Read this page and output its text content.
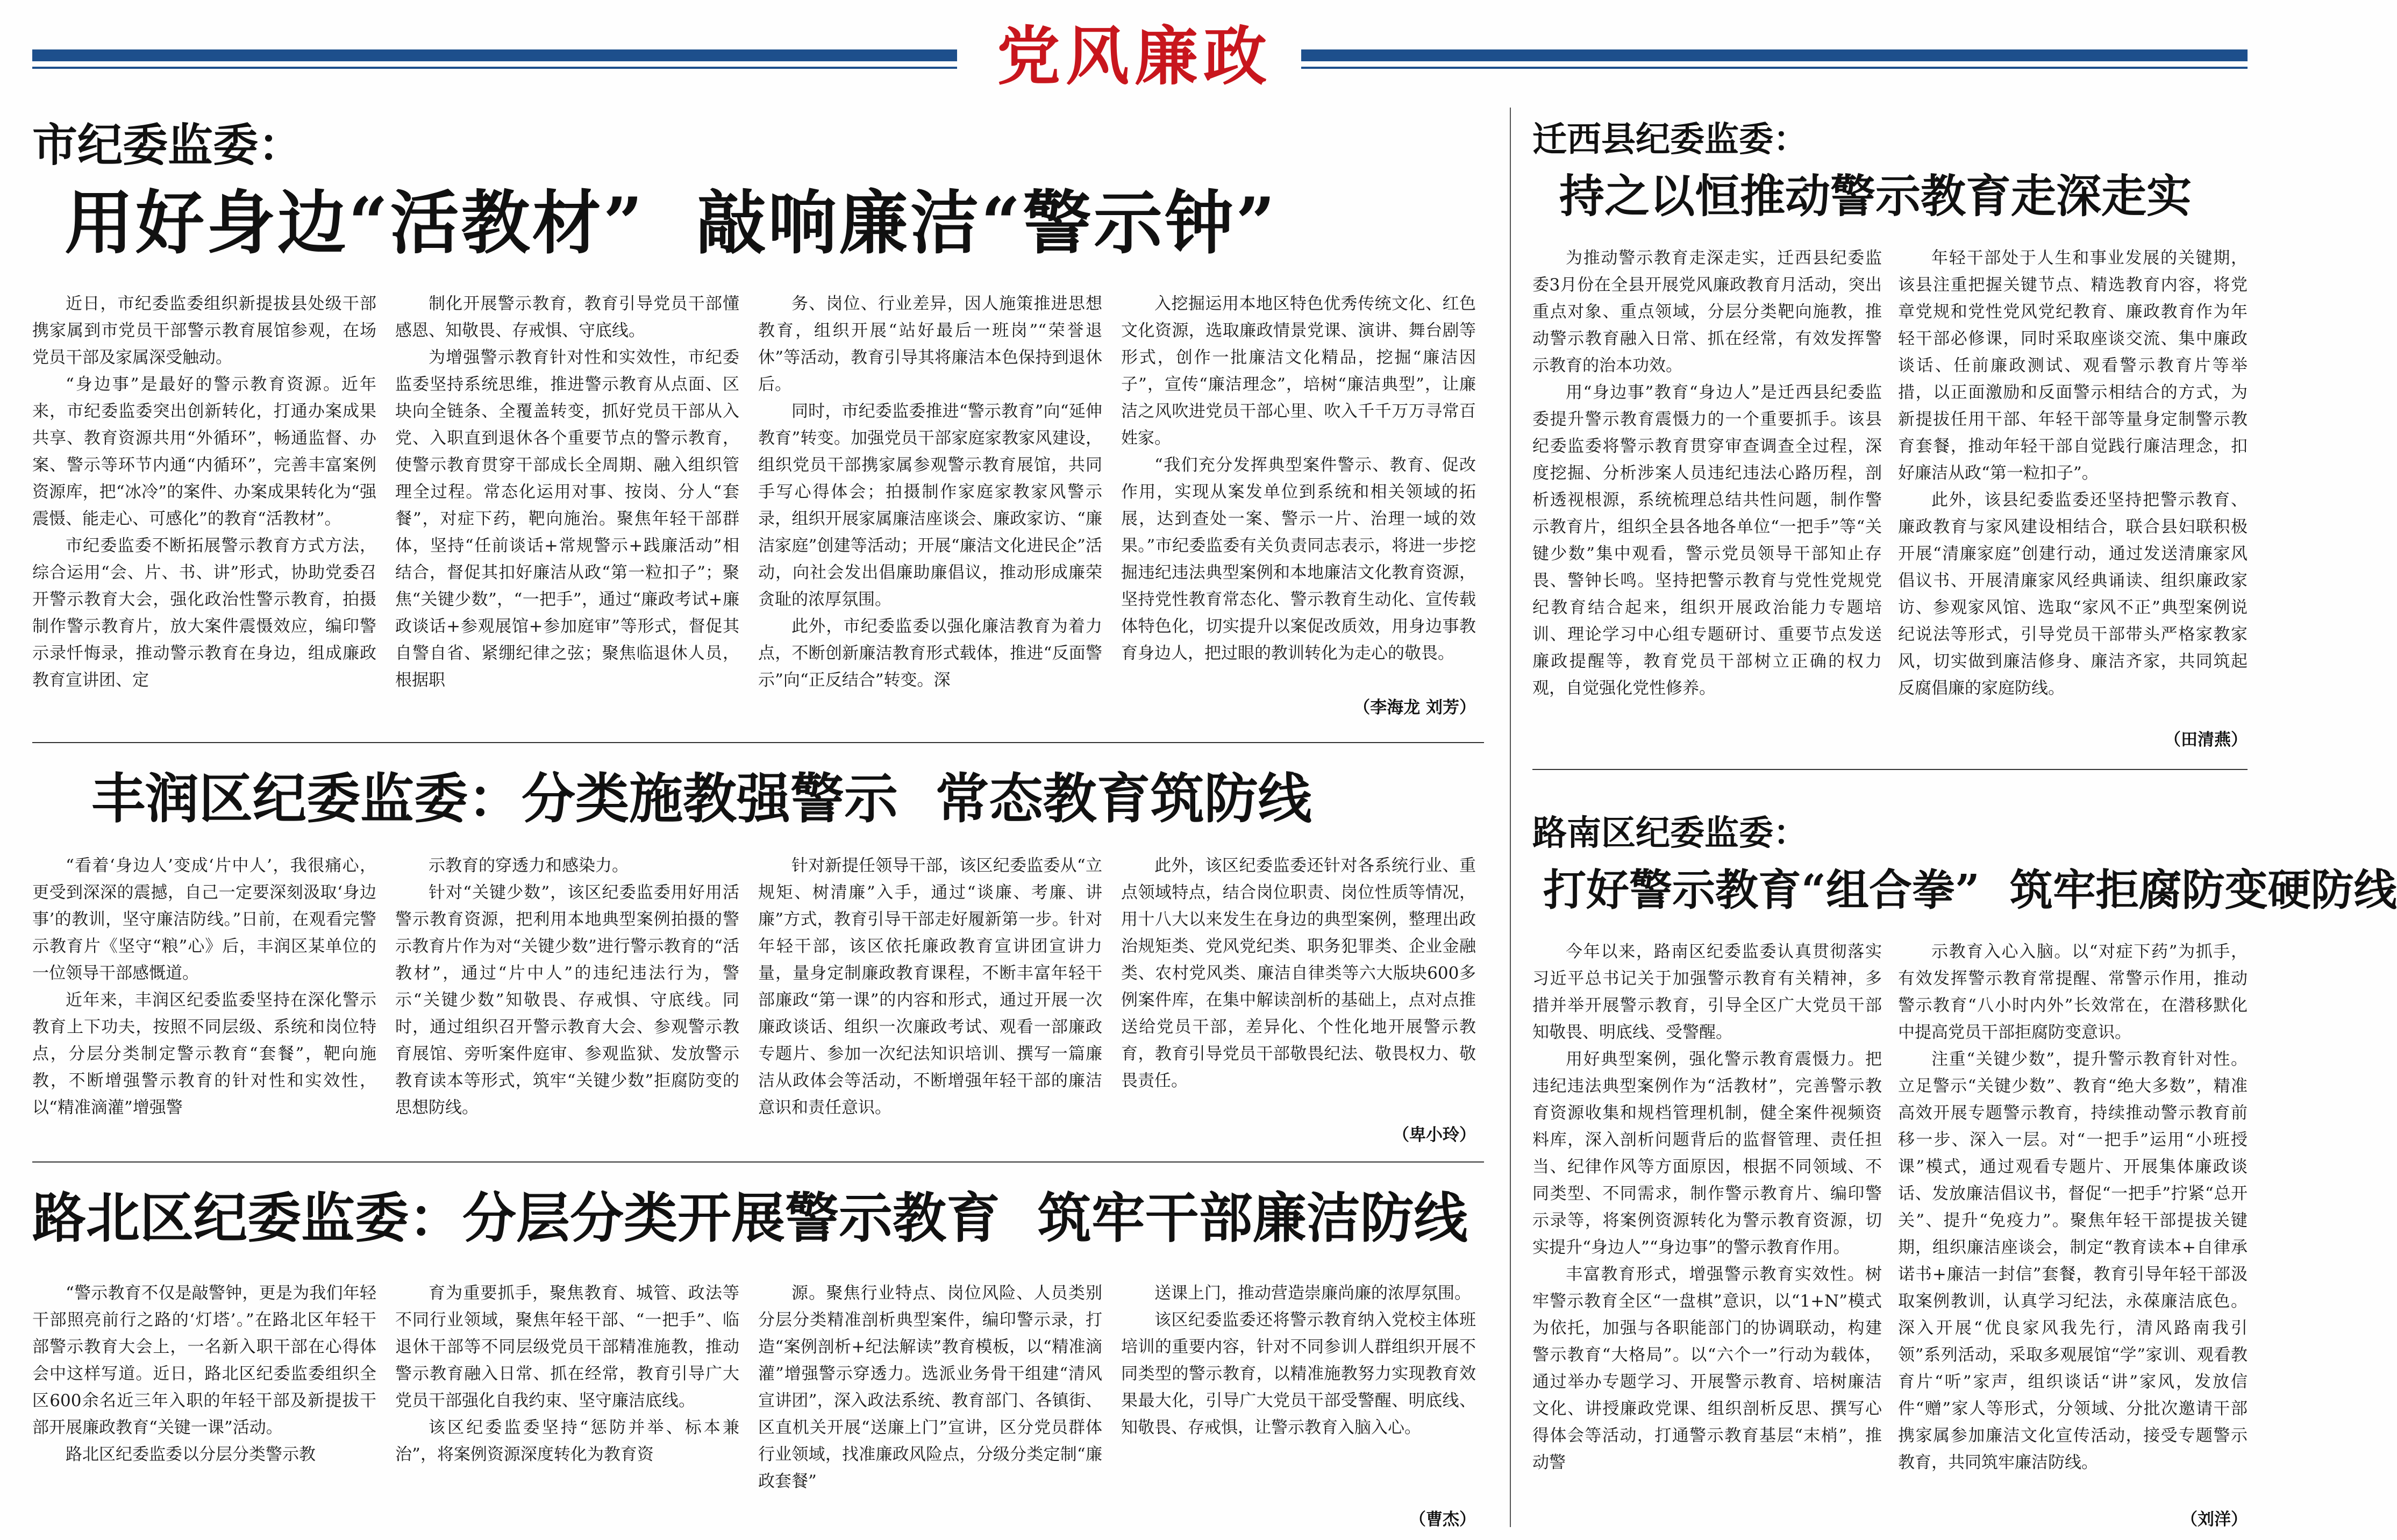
党风廉政
市纪委监委：
用好身边“活教材”  敲响廉洁“警示钟”

近日，市纪委监委组织新提拔县处级干部携家属到市党员干部警示教育展馆参观，在场党员干部及家属深受触动。

“身边事”是最好的警示教育资源。近年来，市纪委监委突出创新转化，打通办案成果共享、教育资源共用“外循环”，畅通监督、办案、警示等环节内通“内循环”，完善丰富案例资源库，把“冰冷”的案件、办案成果转化为“强震慑、能走心、可感化”的教育“活教材”。

市纪委监委不断拓展警示教育方式方法，综合运用“会、片、书、讲”形式，协助党委召开警示教育大会，强化政治性警示教育，拍摄制作警示教育片，放大案件震慑效应，编印警示录忏悔录，推动警示教育在身边，组成廉政教育宣讲团、定

制化开展警示教育，教育引导党员干部懂感恩、知敬畏、存戒惧、守底线。

为增强警示教育针对性和实效性，市纪委监委坚持系统思维，推进警示教育从点面、区块向全链条、全覆盖转变，抓好党员干部从入党、入职直到退休各个重要节点的警示教育，使警示教育贯穿干部成长全周期、融入组织管理全过程。常态化运用对事、按岗、分人“套餐”，对症下药，靶向施治。聚焦年轻干部群体，坚持“任前谈话+常规警示+践廉活动”相结合，督促其扣好廉洁从政“第一粒扣子”；聚焦“关键少数”，“一把手”，通过“廉政考试+廉政谈话+参观展馆+参加庭审”等形式，督促其自警自省、紧绷纪律之弦；聚焦临退休人员，根据职

务、岗位、行业差异，因人施策推进思想教育，组织开展“站好最后一班岗”“荣誉退休”等活动，教育引导其将廉洁本色保持到退休后。

同时，市纪委监委推进“警示教育”向“延伸教育”转变。加强党员干部家庭家教家风建设，组织党员干部携家属参观警示教育展馆，共同手写心得体会；拍摄制作家庭家教家风警示录，组织开展家属廉洁座谈会、廉政家访、“廉洁家庭”创建等活动；开展“廉洁文化进民企”活动，向社会发出倡廉助廉倡议，推动形成廉荣贪耻的浓厚氛围。

此外，市纪委监委以强化廉洁教育为着力点，不断创新廉洁教育形式载体，推进“反面警示”向“正反结合”转变。深

入挖掘运用本地区特色优秀传统文化、红色文化资源，选取廉政情景党课、演讲、舞台剧等形式，创作一批廉洁文化精品，挖掘“廉洁因子”，宣传“廉洁理念”，培树“廉洁典型”，让廉洁之风吹进党员干部心里、吹入千千万万寻常百姓家。

“我们充分发挥典型案件警示、教育、促改作用，实现从案发单位到系统和相关领域的拓展，达到查处一案、警示一片、治理一域的效果。”市纪委监委有关负责同志表示，将进一步挖掘违纪违法典型案例和本地廉洁文化教育资源，坚持党性教育常态化、警示教育生动化、宣传载体特色化，切实提升以案促改质效，用身边事教育身边人，把过眼的教训转化为走心的敬畏。

（李海龙 刘芳）
迁西县纪委监委：
持之以恒推动警示教育走深走实

为推动警示教育走深走实，迁西县纪委监委3月份在全县开展党风廉政教育月活动，突出重点对象、重点领域，分层分类靶向施教，推动警示教育融入日常、抓在经常，有效发挥警示教育的治本功效。

用“身边事”教育“身边人”是迁西县纪委监委提升警示教育震慑力的一个重要抓手。该县纪委监委将警示教育贯穿审查调查全过程，深度挖掘、分析涉案人员违纪违法心路历程，剖析透视根源，系统梳理总结共性问题，制作警示教育片，组织全县各地各单位“一把手”等“关键少数”集中观看，警示党员领导干部知止存畏、警钟长鸣。坚持把警示教育与党性党规党纪教育结合起来，组织开展政治能力专题培训、理论学习中心组专题研讨、重要节点发送廉政提醒等，教育党员干部树立正确的权力观，自觉强化党性修养。

年轻干部处于人生和事业发展的关键期，该县注重把握关键节点、精选教育内容，将党章党规和党性党风党纪教育、廉政教育作为年轻干部必修课，同时采取座谈交流、集中廉政谈话、任前廉政测试、观看警示教育片等举措，以正面激励和反面警示相结合的方式，为新提拔任用干部、年轻干部等量身定制警示教育套餐，推动年轻干部自觉践行廉洁理念，扣好廉洁从政“第一粒扣子”。

此外，该县纪委监委还坚持把警示教育、廉政教育与家风建设相结合，联合县妇联积极开展“清廉家庭”创建行动，通过发送清廉家风倡议书、开展清廉家风经典诵读、组织廉政家访、参观家风馆、选取“家风不正”典型案例说纪说法等形式，引导党员干部带头严格家教家风，切实做到廉洁修身、廉洁齐家，共同筑起反腐倡廉的家庭防线。

（田清燕）
丰润区纪委监委：分类施教强警示  常态教育筑防线

“看着‘身边人’变成‘片中人’，我很痛心，更受到深深的震撼，自己一定要深刻汲取‘身边事’的教训，坚守廉洁防线。”日前，在观看完警示教育片《坚守“粮”心》后，丰润区某单位的一位领导干部感慨道。

近年来，丰润区纪委监委坚持在深化警示教育上下功夫，按照不同层级、系统和岗位特点，分层分类制定警示教育“套餐”，靶向施教，不断增强警示教育的针对性和实效性，以“精准滴灌”增强警

示教育的穿透力和感染力。

针对“关键少数”，该区纪委监委用好用活警示教育资源，把利用本地典型案例拍摄的警示教育片作为对“关键少数”进行警示教育的“活教材”，通过“片中人”的违纪违法行为，警示“关键少数”知敬畏、存戒惧、守底线。同时，通过组织召开警示教育大会、参观警示教育展馆、旁听案件庭审、参观监狱、发放警示教育读本等形式，筑牢“关键少数”拒腐防变的思想防线。

针对新提任领导干部，该区纪委监委从“立规矩、树清廉”入手，通过“谈廉、考廉、讲廉”方式，教育引导干部走好履新第一步。针对年轻干部，该区依托廉政教育宣讲团宣讲力量，量身定制廉政教育课程，不断丰富年轻干部廉政“第一课”的内容和形式，通过开展一次廉政谈话、组织一次廉政考试、观看一部廉政专题片、参加一次纪法知识培训、撰写一篇廉洁从政体会等活动，不断增强年轻干部的廉洁意识和责任意识。

此外，该区纪委监委还针对各系统行业、重点领域特点，结合岗位职责、岗位性质等情况，用十八大以来发生在身边的典型案例，整理出政治规矩类、党风党纪类、职务犯罪类、企业金融类、农村党风类、廉洁自律类等六大版块600多例案件库，在集中解读剖析的基础上，点对点推送给党员干部，差异化、个性化地开展警示教育，教育引导党员干部敬畏纪法、敬畏权力、敬畏责任。

（卑小玲）
路南区纪委监委：
打好警示教育“组合拳”  筑牢拒腐防变硬防线

今年以来，路南区纪委监委认真贯彻落实习近平总书记关于加强警示教育有关精神，多措并举开展警示教育，引导全区广大党员干部知敬畏、明底线、受警醒。

用好典型案例，强化警示教育震慑力。把违纪违法典型案例作为“活教材”，完善警示教育资源收集和规档管理机制，健全案件视频资料库，深入剖析问题背后的监督管理、责任担当、纪律作风等方面原因，根据不同领域、不同类型、不同需求，制作警示教育片、编印警示录等，将案例资源转化为警示教育资源，切实提升“身边人”“身边事”的警示教育作用。

丰富教育形式，增强警示教育实效性。树牢警示教育全区“一盘棋”意识，以“1+N”模式为依托，加强与各职能部门的协调联动，构建警示教育“大格局”。以“六个一”行动为载体，通过举办专题学习、开展警示教育、培树廉洁文化、讲授廉政党课、组织剖析反思、撰写心得体会等活动，打通警示教育基层“末梢”，推动警

示教育入心入脑。以“对症下药”为抓手，有效发挥警示教育常提醒、常警示作用，推动警示教育“八小时内外”长效常在，在潜移默化中提高党员干部拒腐防变意识。

注重“关键少数”，提升警示教育针对性。立足警示“关键少数”、教育“绝大多数”，精准高效开展专题警示教育，持续推动警示教育前移一步、深入一层。对“一把手”运用“小班授课”模式，通过观看专题片、开展集体廉政谈话、发放廉洁倡议书，督促“一把手”拧紧“总开关”、提升“免疫力”。聚焦年轻干部提拔关键期，组织廉洁座谈会，制定“教育读本+自律承诺书+廉洁一封信”套餐，教育引导年轻干部汲取案例教训，认真学习纪法，永葆廉洁底色。深入开展“优良家风我先行，清风路南我引领”系列活动，采取多观展馆“学”家训、观看教育片“听”家声，组织谈话“讲”家风，发放信件“赠”家人等形式，分领域、分批次邀请干部携家属参加廉洁文化宣传活动，接受专题警示教育，共同筑牢廉洁防线。

（刘洋）
路北区纪委监委：分层分类开展警示教育  筑牢干部廉洁防线

“警示教育不仅是敲警钟，更是为我们年轻干部照亮前行之路的‘灯塔’。”在路北区年轻干部警示教育大会上，一名新入职干部在心得体会中这样写道。近日，路北区纪委监委组织全区600余名近三年入职的年轻干部及新提拔干部开展廉政教育“关键一课”活动。

路北区纪委监委以分层分类警示教

育为重要抓手，聚焦教育、城管、政法等不同行业领域，聚焦年轻干部、“一把手”、临退休干部等不同层级党员干部精准施教，推动警示教育融入日常、抓在经常，教育引导广大党员干部强化自我约束、坚守廉洁底线。

该区纪委监委坚持“惩防并举、标本兼治”，将案例资源深度转化为教育资

源。聚焦行业特点、岗位风险、人员类别分层分类精准剖析典型案件，编印警示录，打造“案例剖析+纪法解读”教育模板，以“精准滴灌”增强警示穿透力。选派业务骨干组建“清风宣讲团”，深入政法系统、教育部门、各镇街、区直机关开展“送廉上门”宣讲，区分党员群体行业领域，找准廉政风险点，分级分类定制“廉政套餐”

送课上门，推动营造崇廉尚廉的浓厚氛围。

该区纪委监委还将警示教育纳入党校主体班培训的重要内容，针对不同参训人群组织开展不同类型的警示教育，以精准施教努力实现教育效果最大化，引导广大党员干部受警醒、明底线、知敬畏、存戒惧，让警示教育入脑入心。

（曹杰）
